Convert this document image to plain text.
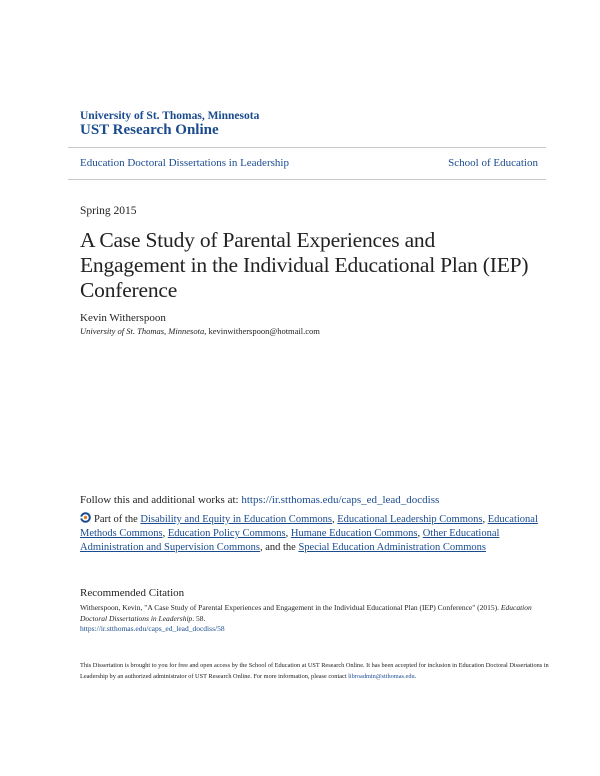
University of St. Thomas, Minnesota
UST Research Online
Education Doctoral Dissertations in Leadership	School of Education
Spring 2015
A Case Study of Parental Experiences and Engagement in the Individual Educational Plan (IEP) Conference
Kevin Witherspoon
University of St. Thomas, Minnesota, kevinwitherspoon@hotmail.com
Follow this and additional works at: https://ir.stthomas.edu/caps_ed_lead_docdiss
Part of the Disability and Equity in Education Commons, Educational Leadership Commons, Educational Methods Commons, Education Policy Commons, Humane Education Commons, Other Educational Administration and Supervision Commons, and the Special Education Administration Commons
Recommended Citation
Witherspoon, Kevin, "A Case Study of Parental Experiences and Engagement in the Individual Educational Plan (IEP) Conference" (2015). Education Doctoral Dissertations in Leadership. 58.
https://ir.stthomas.edu/caps_ed_lead_docdiss/58
This Dissertation is brought to you for free and open access by the School of Education at UST Research Online. It has been accepted for inclusion in Education Doctoral Dissertations in Leadership by an authorized administrator of UST Research Online. For more information, please contact libroadmin@stthomas.edu.
